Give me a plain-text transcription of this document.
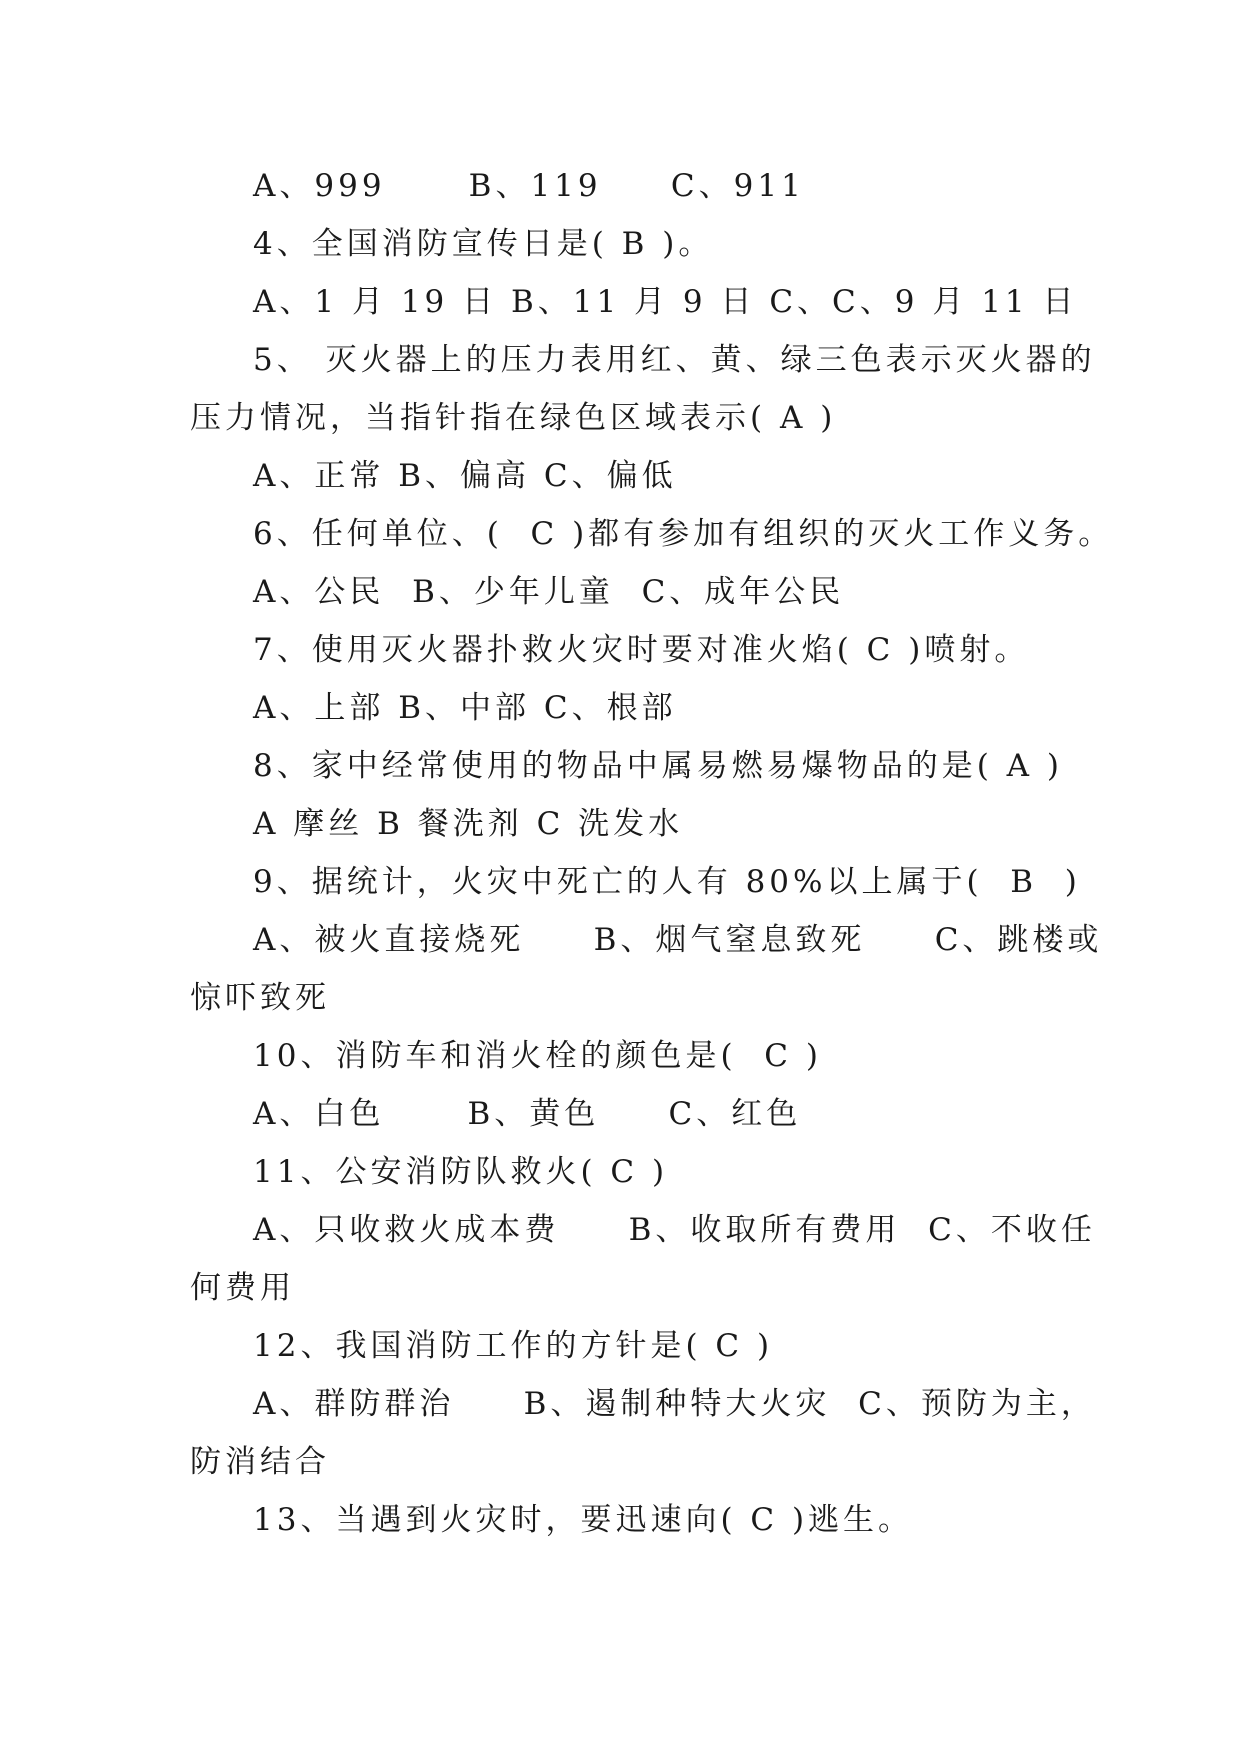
A、999      B、119     C、911
4、全国消防宣传日是( B )。
A、1 月 19 日 B、11 月 9 日 C、C、9 月 11 日
5、 灭火器上的压力表用红、黄、绿三色表示灭火器的
压力情况，当指针指在绿色区域表示( A )
A、正常 B、偏高 C、偏低
6、任何单位、(  C )都有参加有组织的灭火工作义务。
A、公民  B、少年儿童  C、成年公民
7、使用灭火器扑救火灾时要对准火焰( C )喷射。
A、上部 B、中部 C、根部
8、家中经常使用的物品中属易燃易爆物品的是( A )
A 摩丝 B 餐洗剂 C 洗发水
9、据统计，火灾中死亡的人有 80%以上属于(  B  )
A、被火直接烧死     B、烟气窒息致死     C、跳楼或
惊吓致死
10、消防车和消火栓的颜色是(  C )
A、白色      B、黄色     C、红色
11、公安消防队救火( C )
A、只收救火成本费     B、收取所有费用  C、不收任
何费用
12、我国消防工作的方针是( C )
A、群防群治     B、遏制种特大火灾  C、预防为主，
防消结合
13、当遇到火灾时，要迅速向( C )逃生。
